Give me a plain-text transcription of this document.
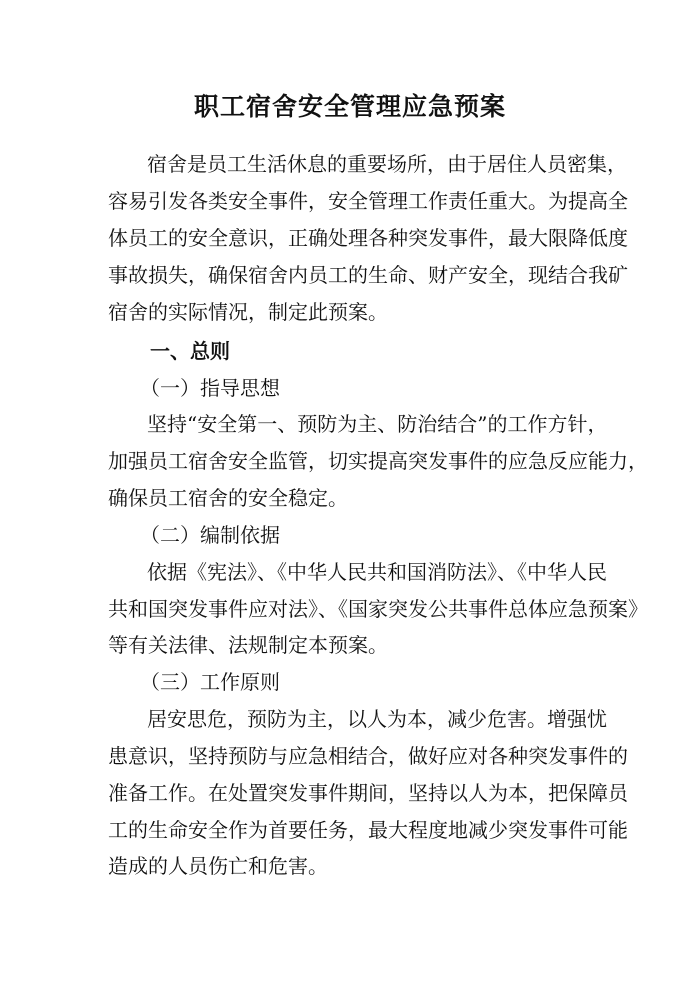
职工宿舍安全管理应急预案
宿舍是员工生活休息的重要场所，由于居住人员密集，
容易引发各类安全事件，安全管理工作责任重大。为提高全
体员工的安全意识，正确处理各种突发事件，最大限降低度
事故损失，确保宿舍内员工的生命、财产安全，现结合我矿
宿舍的实际情况，制定此预案。
一、总则
（一）指导思想
坚持“安全第一、预防为主、防治结合”的工作方针，
加强员工宿舍安全监管，切实提高突发事件的应急反应能力，
确保员工宿舍的安全稳定。
（二）编制依据
依据《宪法》、《中华人民共和国消防法》、《中华人民
共和国突发事件应对法》、《国家突发公共事件总体应急预案》
等有关法律、法规制定本预案。
（三）工作原则
居安思危，预防为主，以人为本，减少危害。增强忧
患意识，坚持预防与应急相结合，做好应对各种突发事件的
准备工作。在处置突发事件期间，坚持以人为本，把保障员
工的生命安全作为首要任务，最大程度地减少突发事件可能
造成的人员伤亡和危害。
